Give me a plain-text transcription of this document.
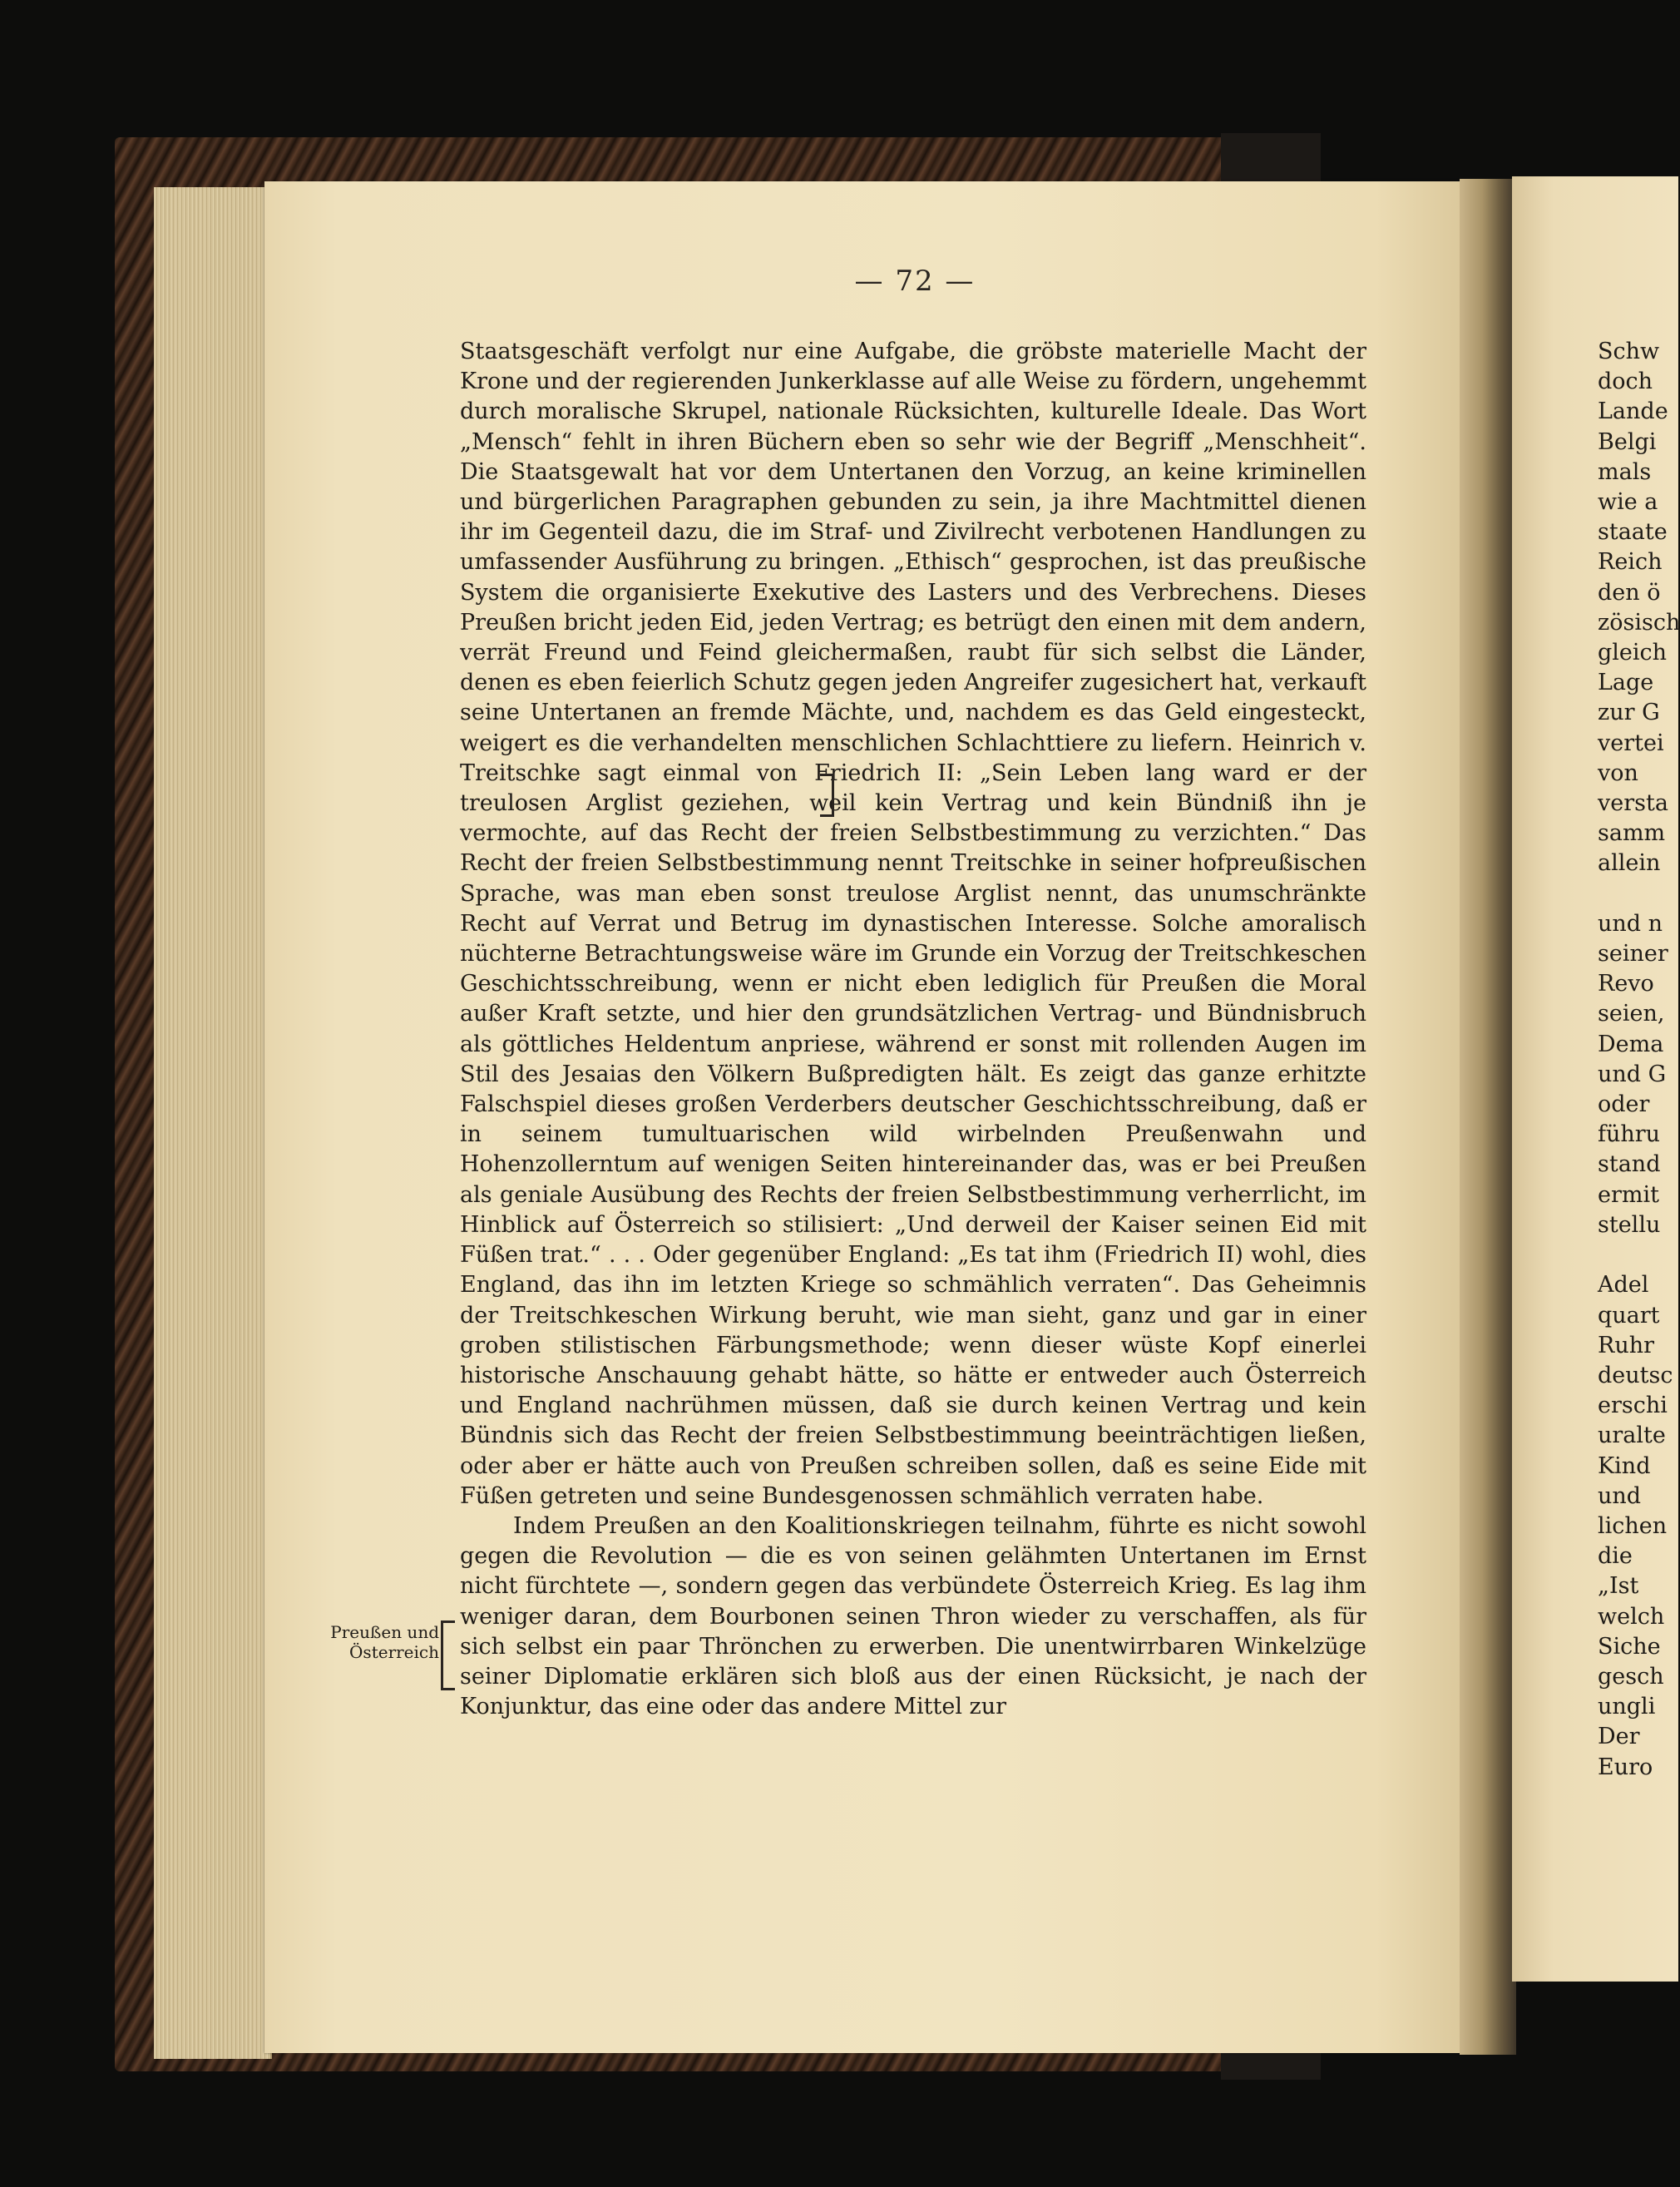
— 72 —

Staatsgeschäft verfolgt nur eine Aufgabe, die gröbste materielle Macht der Krone und der regierenden Junkerklasse auf alle Weise zu fördern, ungehemmt durch moralische Skrupel, nationale Rücksichten, kulturelle Ideale. Das Wort „Mensch“ fehlt in ihren Büchern eben so sehr wie der Begriff „Menschheit“. Die Staatsgewalt hat vor dem Untertanen den Vorzug, an keine kriminellen und bürgerlichen Paragraphen gebunden zu sein, ja ihre Machtmittel dienen ihr im Gegenteil dazu, die im Straf- und Zivilrecht verbotenen Handlungen zu umfassender Ausführung zu bringen. „Ethisch“ gesprochen, ist das preußische System die organisierte Exekutive des Lasters und des Verbrechens. Dieses Preußen bricht jeden Eid, jeden Vertrag; es betrügt den einen mit dem andern, verrät Freund und Feind gleichermaßen, raubt für sich selbst die Länder, denen es eben feierlich Schutz gegen jeden Angreifer zugesichert hat, verkauft seine Untertanen an fremde Mächte, und, nachdem es das Geld eingesteckt, weigert es die verhandelten menschlichen Schlachttiere zu liefern. Heinrich v. Treitschke sagt einmal von Friedrich II: „Sein Leben lang ward er der treulosen Arglist geziehen, weil kein Vertrag und kein Bündniß ihn je vermochte, auf das Recht der freien Selbstbestimmung zu verzichten.“ Das Recht der freien Selbstbestimmung nennt Treitschke in seiner hofpreußischen Sprache, was man eben sonst treulose Arglist nennt, das unumschränkte Recht auf Verrat und Betrug im dynastischen Interesse. Solche amoralisch nüchterne Betrachtungsweise wäre im Grunde ein Vorzug der Treitschkeschen Geschichtsschreibung, wenn er nicht eben lediglich für Preußen die Moral außer Kraft setzte, und hier den grundsätzlichen Vertrag- und Bündnisbruch als göttliches Heldentum anpriese, während er sonst mit rollenden Augen im Stil des Jesaias den Völkern Bußpredigten hält. Es zeigt das ganze erhitzte Falschspiel dieses großen Verderbers deutscher Geschichtsschreibung, daß er in seinem tumultuarischen wild wirbelnden Preußenwahn und Hohenzollerntum auf wenigen Seiten hintereinander das, was er bei Preußen als geniale Ausübung des Rechts der freien Selbstbestimmung verherrlicht, im Hinblick auf Österreich so stilisiert: „Und derweil der Kaiser seinen Eid mit Füßen trat.“ . . . Oder gegenüber England: „Es tat ihm (Friedrich II) wohl, dies England, das ihn im letzten Kriege so schmählich verraten“. Das Geheimnis der Treitschkeschen Wirkung beruht, wie man sieht, ganz und gar in einer groben stilistischen Färbungsmethode; wenn dieser wüste Kopf einerlei historische Anschauung gehabt hätte, so hätte er entweder auch Österreich und England nachrühmen müssen, daß sie durch keinen Vertrag und kein Bündnis sich das Recht der freien Selbstbestimmung beeinträchtigen ließen, oder aber er hätte auch von Preußen schreiben sollen, daß es seine Eide mit Füßen getreten und seine Bundesgenossen schmählich verraten habe.

Indem Preußen an den Koalitionskriegen teilnahm, führte es nicht sowohl gegen die Revolution — die es von seinen gelähmten Untertanen im Ernst nicht fürchtete —, sondern gegen das verbündete Österreich Krieg. Es lag ihm weniger daran, dem Bourbonen seinen Thron wieder zu verschaffen, als für sich selbst ein paar Thrönchen zu erwerben. Die unentwirrbaren Winkelzüge seiner Diplomatie erklären sich bloß aus der einen Rücksicht, je nach der Konjunktur, das eine oder das andere Mittel zur

Preußen und Österreich
Schw
doch
Lande
Belgi
mals
wie a
staate
Reich
den ö
zösisch
gleich
Lage
zur G
vertei
von
versta
samm
allein

und n
seiner
Revo
seien,
Dema
und G
oder
führu
stand
ermit
stellu

Adel
quart
Ruhr
deutsc
erschi
uralte
Kind
und
lichen
die
„Ist
welch
Siche
gesch
ungli
Der
Euro
